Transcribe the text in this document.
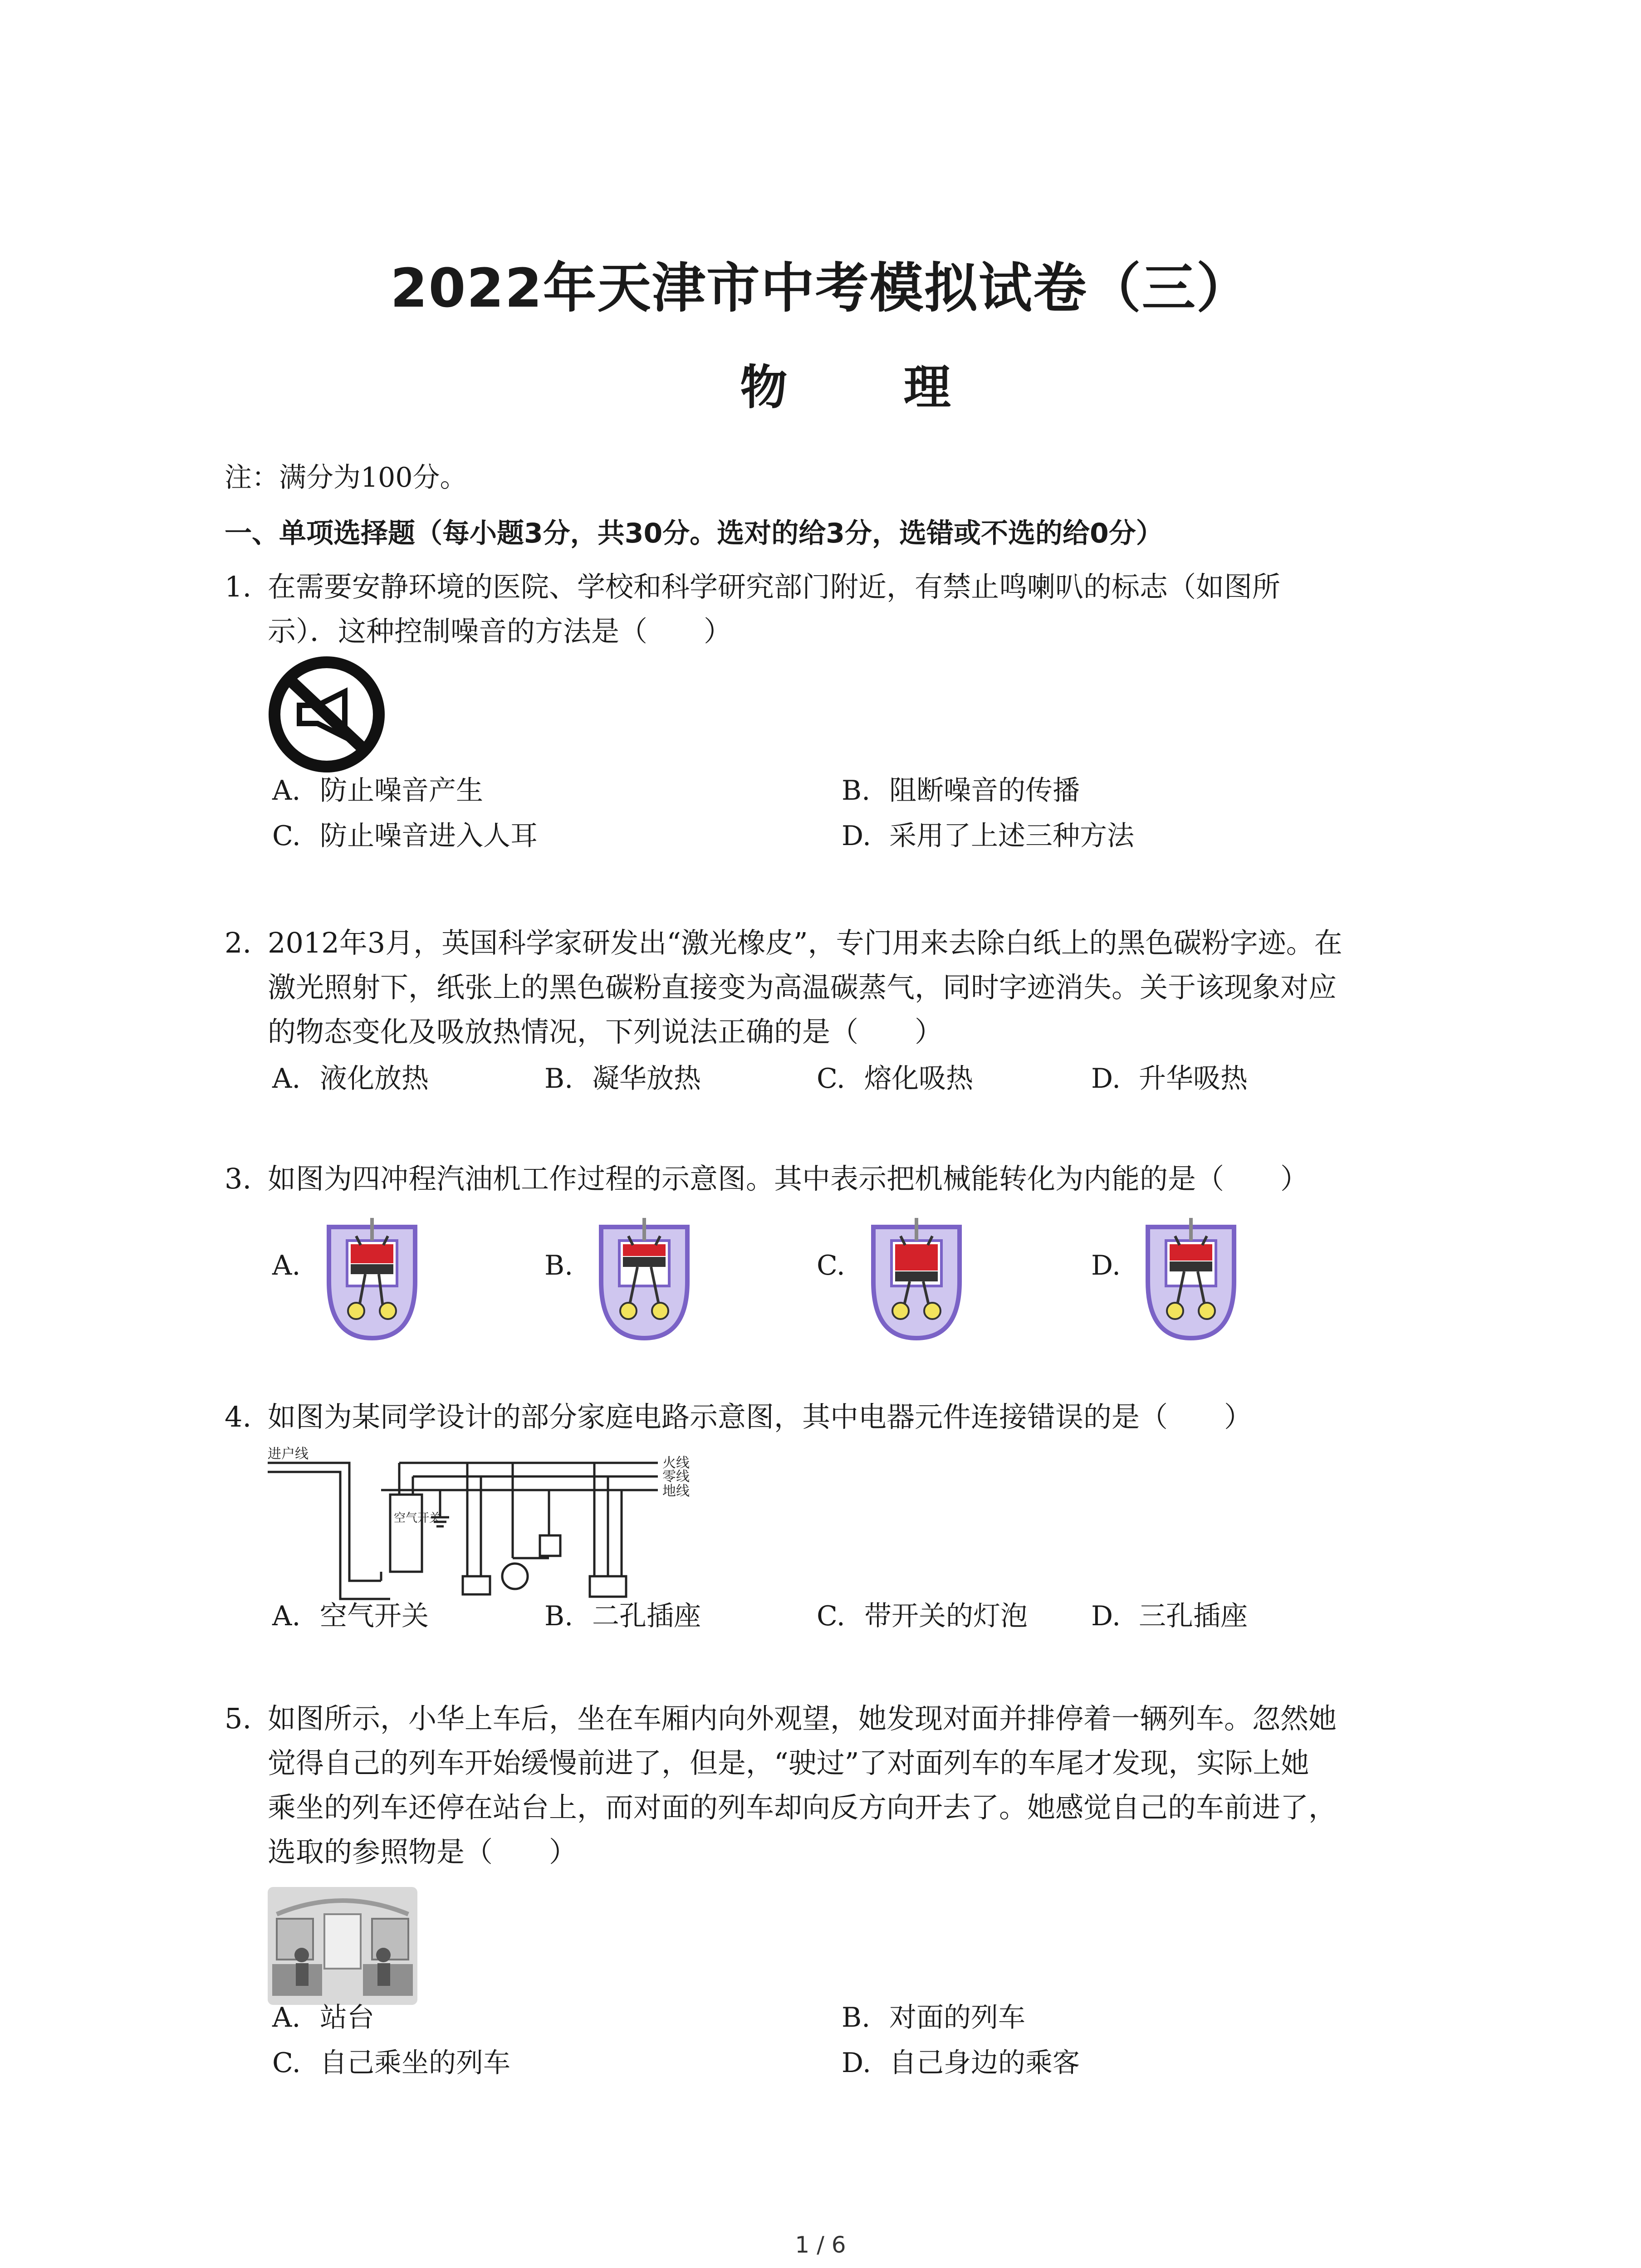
2022年天津市中考模拟试卷（三）
物 理
注：满分为100分。
一、单项选择题（每小题3分，共30分。选对的给3分，选错或不选的给0分）
1. 在需要安静环境的医院、学校和科学研究部门附近，有禁止鸣喇叭的标志（如图所
示）．这种控制噪音的方法是（　　）
A. 防止噪音产生	B. 阻断噪音的传播
C. 防止噪音进入人耳	D. 采用了上述三种方法
2. 2012年3月，英国科学家研发出“激光橡皮”，专门用来去除白纸上的黑色碳粉字迹。在
激光照射下，纸张上的黑色碳粉直接变为高温碳蒸气，同时字迹消失。关于该现象对应
的物态变化及吸放热情况，下列说法正确的是（　　）
A. 液化放热	B. 凝华放热	C. 熔化吸热	D. 升华吸热
3. 如图为四冲程汽油机工作过程的示意图。其中表示把机械能转化为内能的是（　　）
A.	B.	C.	D.
4. 如图为某同学设计的部分家庭电路示意图，其中电器元件连接错误的是（　　）
进户线
火线
零线
地线
空气开关
A. 空气开关	B. 二孔插座	C. 带开关的灯泡 D. 三孔插座
5. 如图所示，小华上车后，坐在车厢内向外观望，她发现对面并排停着一辆列车。忽然她
觉得自己的列车开始缓慢前进了，但是，“驶过”了对面列车的车尾才发现，实际上她
乘坐的列车还停在站台上，而对面的列车却向反方向开去了。她感觉自己的车前进了，
选取的参照物是（　　）
A. 站台	B. 对面的列车
C. 自己乘坐的列车	D. 自己身边的乘客
1 / 6
